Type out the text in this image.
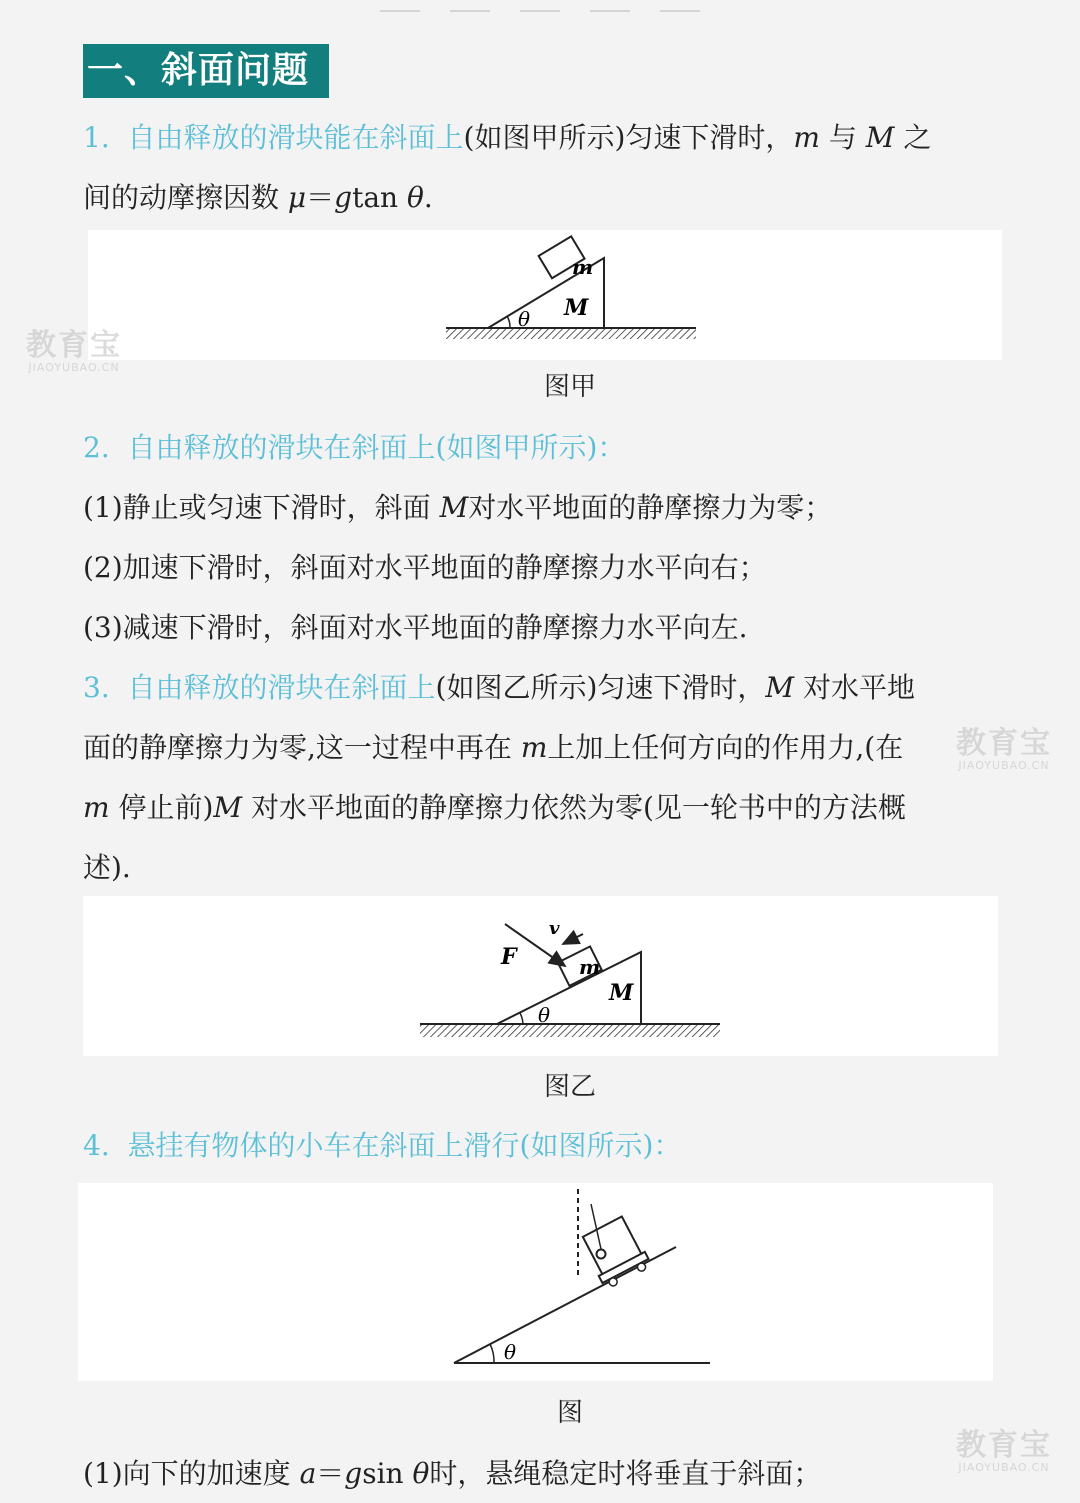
一、斜面问题
1. 自由释放的滑块能在斜面上(如图甲所示)匀速下滑时，m 与 M 之
间的动摩擦因数 μ＝gtan θ.
m
M
θ
图甲
2. 自由释放的滑块在斜面上(如图甲所示)：
(1)静止或匀速下滑时，斜面 M对水平地面的静摩擦力为零；
(2)加速下滑时，斜面对水平地面的静摩擦力水平向右；
(3)减速下滑时，斜面对水平地面的静摩擦力水平向左.
3. 自由释放的滑块在斜面上(如图乙所示)匀速下滑时，M 对水平地
面的静摩擦力为零,这一过程中再在 m上加上任何方向的作用力,(在
m 停止前)M 对水平地面的静摩擦力依然为零(见一轮书中的方法概
述).
F
v
m
M
θ
图乙
4. 悬挂有物体的小车在斜面上滑行(如图所示)：
θ
图
(1)向下的加速度 a＝gsin θ时，悬绳稳定时将垂直于斜面；
教育宝
JIAOYUBAO.CN
教育宝
JIAOYUBAO.CN
教育宝
JIAOYUBAO.CN
